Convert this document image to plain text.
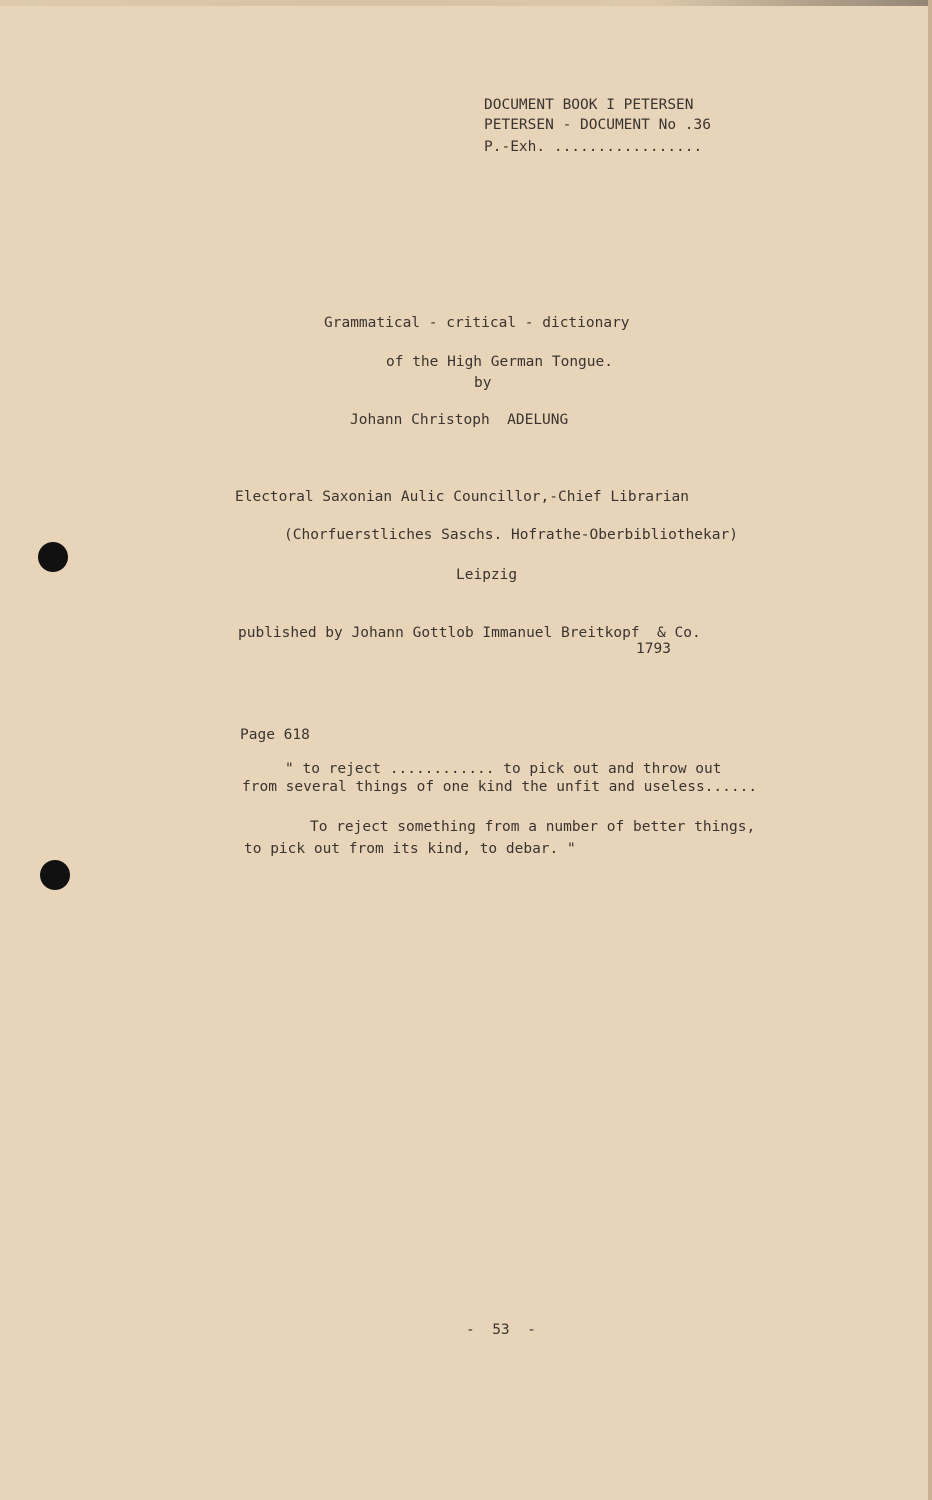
DOCUMENT BOOK I PETERSEN
PETERSEN - DOCUMENT No .36
P.-Exh. .................
Grammatical - critical - dictionary
of the High German Tongue.
by
Johann Christoph  ADELUNG
Electoral Saxonian Aulic Councillor,-Chief Librarian
(Chorfuerstliches Saschs. Hofrathe-Oberbibliothekar)
Leipzig
published by Johann Gottlob Immanuel Breitkopf  & Co.
1793
Page 618
" to reject ............ to pick out and throw out
from several things of one kind the unfit and useless......
To reject something from a number of better things,
to pick out from its kind, to debar. "
-  53  -
